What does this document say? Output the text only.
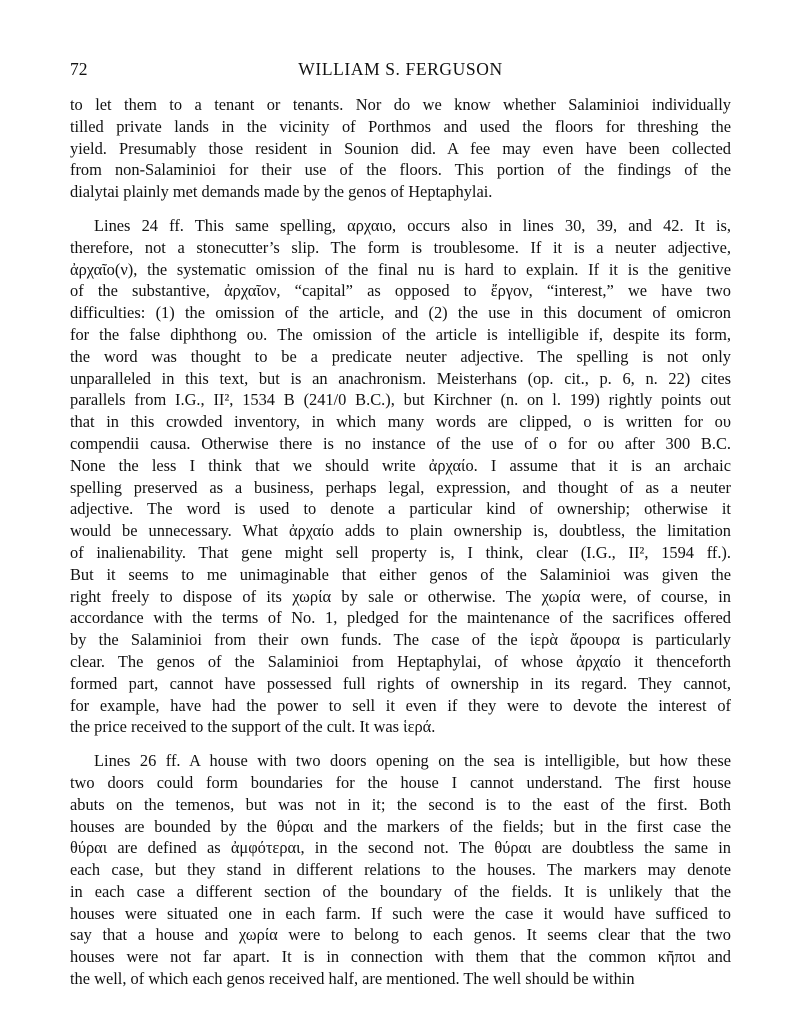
72	WILLIAM S. FERGUSON
to let them to a tenant or tenants. Nor do we know whether Salaminioi individually
tilled private lands in the vicinity of Porthmos and used the floors for threshing the
yield. Presumably those resident in Sounion did. A fee may even have been collected
from non-Salaminioi for their use of the floors. This portion of the findings of the
dialytai plainly met demands made by the genos of Heptaphylai.
Lines 24 ff. This same spelling, αρχαιο, occurs also in lines 30, 39, and 42. It is,
therefore, not a stonecutter’s slip. The form is troublesome. If it is a neuter adjective,
ἀρχαῖο(ν), the systematic omission of the final nu is hard to explain. If it is the genitive
of the substantive, ἀρχαῖον, “capital” as opposed to ἔργον, “interest,” we have two
difficulties: (1) the omission of the article, and (2) the use in this document of omicron
for the false diphthong ου. The omission of the article is intelligible if, despite its form,
the word was thought to be a predicate neuter adjective. The spelling is not only
unparalleled in this text, but is an anachronism. Meisterhans (op. cit., p. 6, n. 22) cites
parallels from I.G., II², 1534 B (241/0 B.C.), but Kirchner (n. on l. 199) rightly points out
that in this crowded inventory, in which many words are clipped, ο is written for ου
compendii causa. Otherwise there is no instance of the use of ο for ου after 300 B.C.
None the less I think that we should write ἀρχαίο. I assume that it is an archaic
spelling preserved as a business, perhaps legal, expression, and thought of as a neuter
adjective. The word is used to denote a particular kind of ownership; otherwise it
would be unnecessary. What ἀρχαίο adds to plain ownership is, doubtless, the limitation
of inalienability. That gene might sell property is, I think, clear (I.G., II², 1594 ff.).
But it seems to me unimaginable that either genos of the Salaminioi was given the
right freely to dispose of its χωρία by sale or otherwise. The χωρία were, of course, in
accordance with the terms of No. 1, pledged for the maintenance of the sacrifices offered
by the Salaminioi from their own funds. The case of the ἱερὰ ἄρουρα is particularly
clear. The genos of the Salaminioi from Heptaphylai, of whose ἀρχαίο it thenceforth
formed part, cannot have possessed full rights of ownership in its regard. They cannot,
for example, have had the power to sell it even if they were to devote the interest of
the price received to the support of the cult. It was ἱερά.
Lines 26 ff. A house with two doors opening on the sea is intelligible, but how these
two doors could form boundaries for the house I cannot understand. The first house
abuts on the temenos, but was not in it; the second is to the east of the first. Both
houses are bounded by the θύραι and the markers of the fields; but in the first case the
θύραι are defined as ἀμφότεραι, in the second not. The θύραι are doubtless the same in
each case, but they stand in different relations to the houses. The markers may denote
in each case a different section of the boundary of the fields. It is unlikely that the
houses were situated one in each farm. If such were the case it would have sufficed to
say that a house and χωρία were to belong to each genos. It seems clear that the two
houses were not far apart. It is in connection with them that the common κῆποι and
the well, of which each genos received half, are mentioned. The well should be within
